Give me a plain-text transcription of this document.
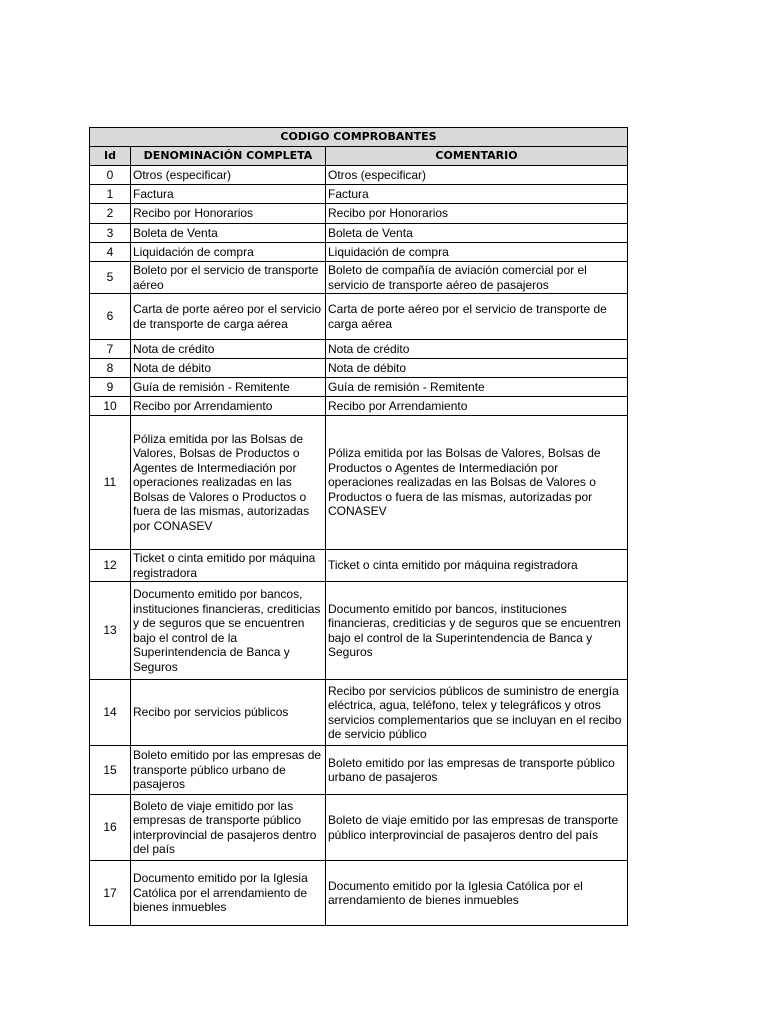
CODIGO COMPROBANTES		
Id	DENOMINACIÓN COMPLETA	COMENTARIO
0	Otros (especificar)	Otros (especificar)
1	Factura	Factura
2	Recibo por Honorarios	Recibo por Honorarios
3	Boleta de Venta	Boleta de Venta
4	Liquidación de compra	Liquidación de compra
5	Boleto por el servicio de transporte aéreo	Boleto de compañía de aviación comercial por el servicio de transporte aéreo de pasajeros
6	Carta de porte aéreo por el servicio de transporte de carga aérea	Carta de porte aéreo por el servicio de transporte de carga aérea
7	Nota de crédito	Nota de crédito
8	Nota de débito	Nota de débito
9	Guía de remisión - Remitente	Guía de remisión - Remitente
10	Recibo por Arrendamiento	Recibo por Arrendamiento
11	Póliza emitida por las Bolsas de Valores, Bolsas de Productos o Agentes de Intermediación por operaciones realizadas en las Bolsas de Valores o Productos o fuera de las mismas, autorizadas por CONASEV	Póliza emitida por las Bolsas de Valores, Bolsas de Productos o Agentes de Intermediación por operaciones realizadas en las Bolsas de Valores o Productos o fuera de las mismas, autorizadas por CONASEV
12	Ticket o cinta emitido por máquina registradora	Ticket o cinta emitido por máquina registradora
13	Documento emitido por bancos, instituciones financieras, crediticias y de seguros que se encuentren bajo el control de la Superintendencia de Banca y Seguros	Documento emitido por bancos, instituciones financieras, crediticias y de seguros que se encuentren bajo el control de la Superintendencia de Banca y Seguros
14	Recibo por servicios públicos	Recibo por servicios públicos de suministro de energía eléctrica, agua, teléfono, telex y telegráficos y otros servicios complementarios que se incluyan en el recibo de servicio público
15	Boleto emitido por las empresas de transporte público urbano de pasajeros	Boleto emitido por las empresas de transporte público urbano de pasajeros
16	Boleto de viaje emitido por las empresas de transporte público interprovincial de pasajeros dentro del país	Boleto de viaje emitido por las empresas de transporte público interprovincial de pasajeros dentro del país
17	Documento emitido por la Iglesia Católica por el arrendamiento de bienes inmuebles	Documento emitido por la Iglesia Católica por el arrendamiento de bienes inmuebles
